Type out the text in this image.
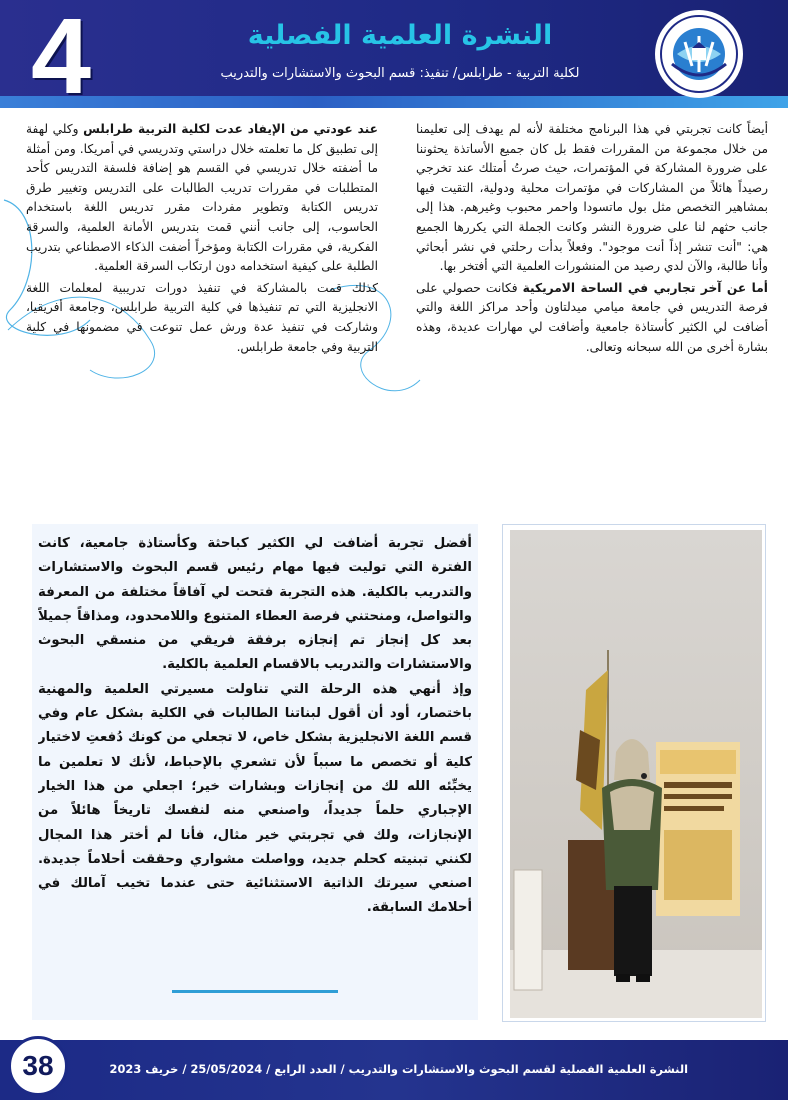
4	النشرة العلمية الفصلية
لكلية التربية - طرابلس/ تنفيذ: قسم البحوث والاستشارات والتدريب

أيضاً كانت تجربتي في هذا البرنامج مختلفة لأنه لم يهدف إلى تعليمنا من خلال مجموعة من المقررات فقط بل كان جميع الأساتذة يحثوننا على ضرورة المشاركة في المؤتمرات، حيث صرتُ أمتلك عند تخرجي رصيداً هائلاً من المشاركات في مؤتمرات محلية ودولية، التقيت فيها بمشاهير التخصص مثل بول ماتسودا واحمر محبوب وغيرهم. هذا إلى جانب حثهم لنا على ضرورة النشر وكانت الجملة التي يكررها الجميع هي: "أنت تنشر إذاً أنت موجود". وفعلاً بدأت رحلتي في نشر أبحاثي وأنا طالبة، والآن لدي رصيد من المنشورات العلمية التي أفتخر بها.

أما عن آخر تجاربي في الساحة الامريكية فكانت حصولي على فرصة التدريس في جامعة ميامي ميدلتاون وأحد مراكز اللغة والتي أضافت لي الكثير كأستاذة جامعية وأضافت لي مهارات عديدة، وهذه بشارة أخرى من الله سبحانه وتعالى.

عند عودتي من الإيفاد عدت لكلية التربية طرابلس وكلي لهفة إلى تطبيق كل ما تعلمته خلال دراستي وتدريسي في أمريكا. ومن أمثلة ما أضفته خلال تدريسي في القسم هو إضافة فلسفة التدريس كأحد المتطلبات في مقررات تدريب الطالبات على التدريس وتغيير طرق تدريس الكتابة وتطوير مفردات مقرر تدريس اللغة باستخدام الحاسوب، إلى جانب أنني قمت بتدريس الأمانة العلمية، والسرقة الفكرية، في مقررات الكتابة ومؤخراً أضفت الذكاء الاصطناعي بتدريب الطلبة على كيفية استخدامه دون ارتكاب السرقة العلمية.

كذلك قمت بالمشاركة في تنفيذ دورات تدريبية لمعلمات اللغة الانجليزية التي تم تنفيذها في كلية التربية طرابلس، وجامعة أفريقيا، وشاركت في تنفيذ عدة ورش عمل تنوعت في مضمونها في كلية التربية وفي جامعة طرابلس.

أفضل تجربة أضافت لي الكثير كباحثة وكأستاذة جامعية، كانت الفترة التي توليت فيها مهام رئيس قسم البحوث والاستشارات والتدريب بالكلية. هذه التجربة فتحت لي آفاقاً مختلفة من المعرفة والتواصل، ومنحتني فرصة العطاء المتنوع واللامحدود، ومذاقاً جميلاً بعد كل إنجاز تم إنجازه برفقة فريقي من منسقي البحوث والاستشارات والتدريب بالاقسام العلمية بالكلية.

وإذ أنهي هذه الرحلة التي تناولت مسيرتي العلمية والمهنية باختصار، أود أن أقول لبناتنا الطالبات في الكلية بشكل عام وفي قسم اللغة الانجليزية بشكل خاص، لا تجعلي من كونك دُفعتِ لاختيار كلية أو تخصص ما سبباً لأن تشعري بالإحباط، لأنك لا تعلمين ما يخبِّئه الله لك من إنجازات وبشارات خير؛ اجعلي من هذا الخيار الإجباري حلماً جديداً، واصنعي منه لنفسك تاريخاً هائلاً من الإنجازات، ولك في تجربتي خير مثال، فأنا لم أختر هذا المجال لكنني تبنيته كحلم جديد، وواصلت مشواري وحققت أحلاماً جديدة. اصنعي سيرتك الذاتية الاستثنائية حتى عندما تخيب آمالك في أحلامك السابقة.

النشرة العلمية الفصلية لقسم البحوث والاستشارات والتدريب / العدد الرابع / 25/05/2024 / خريف 2023
38
